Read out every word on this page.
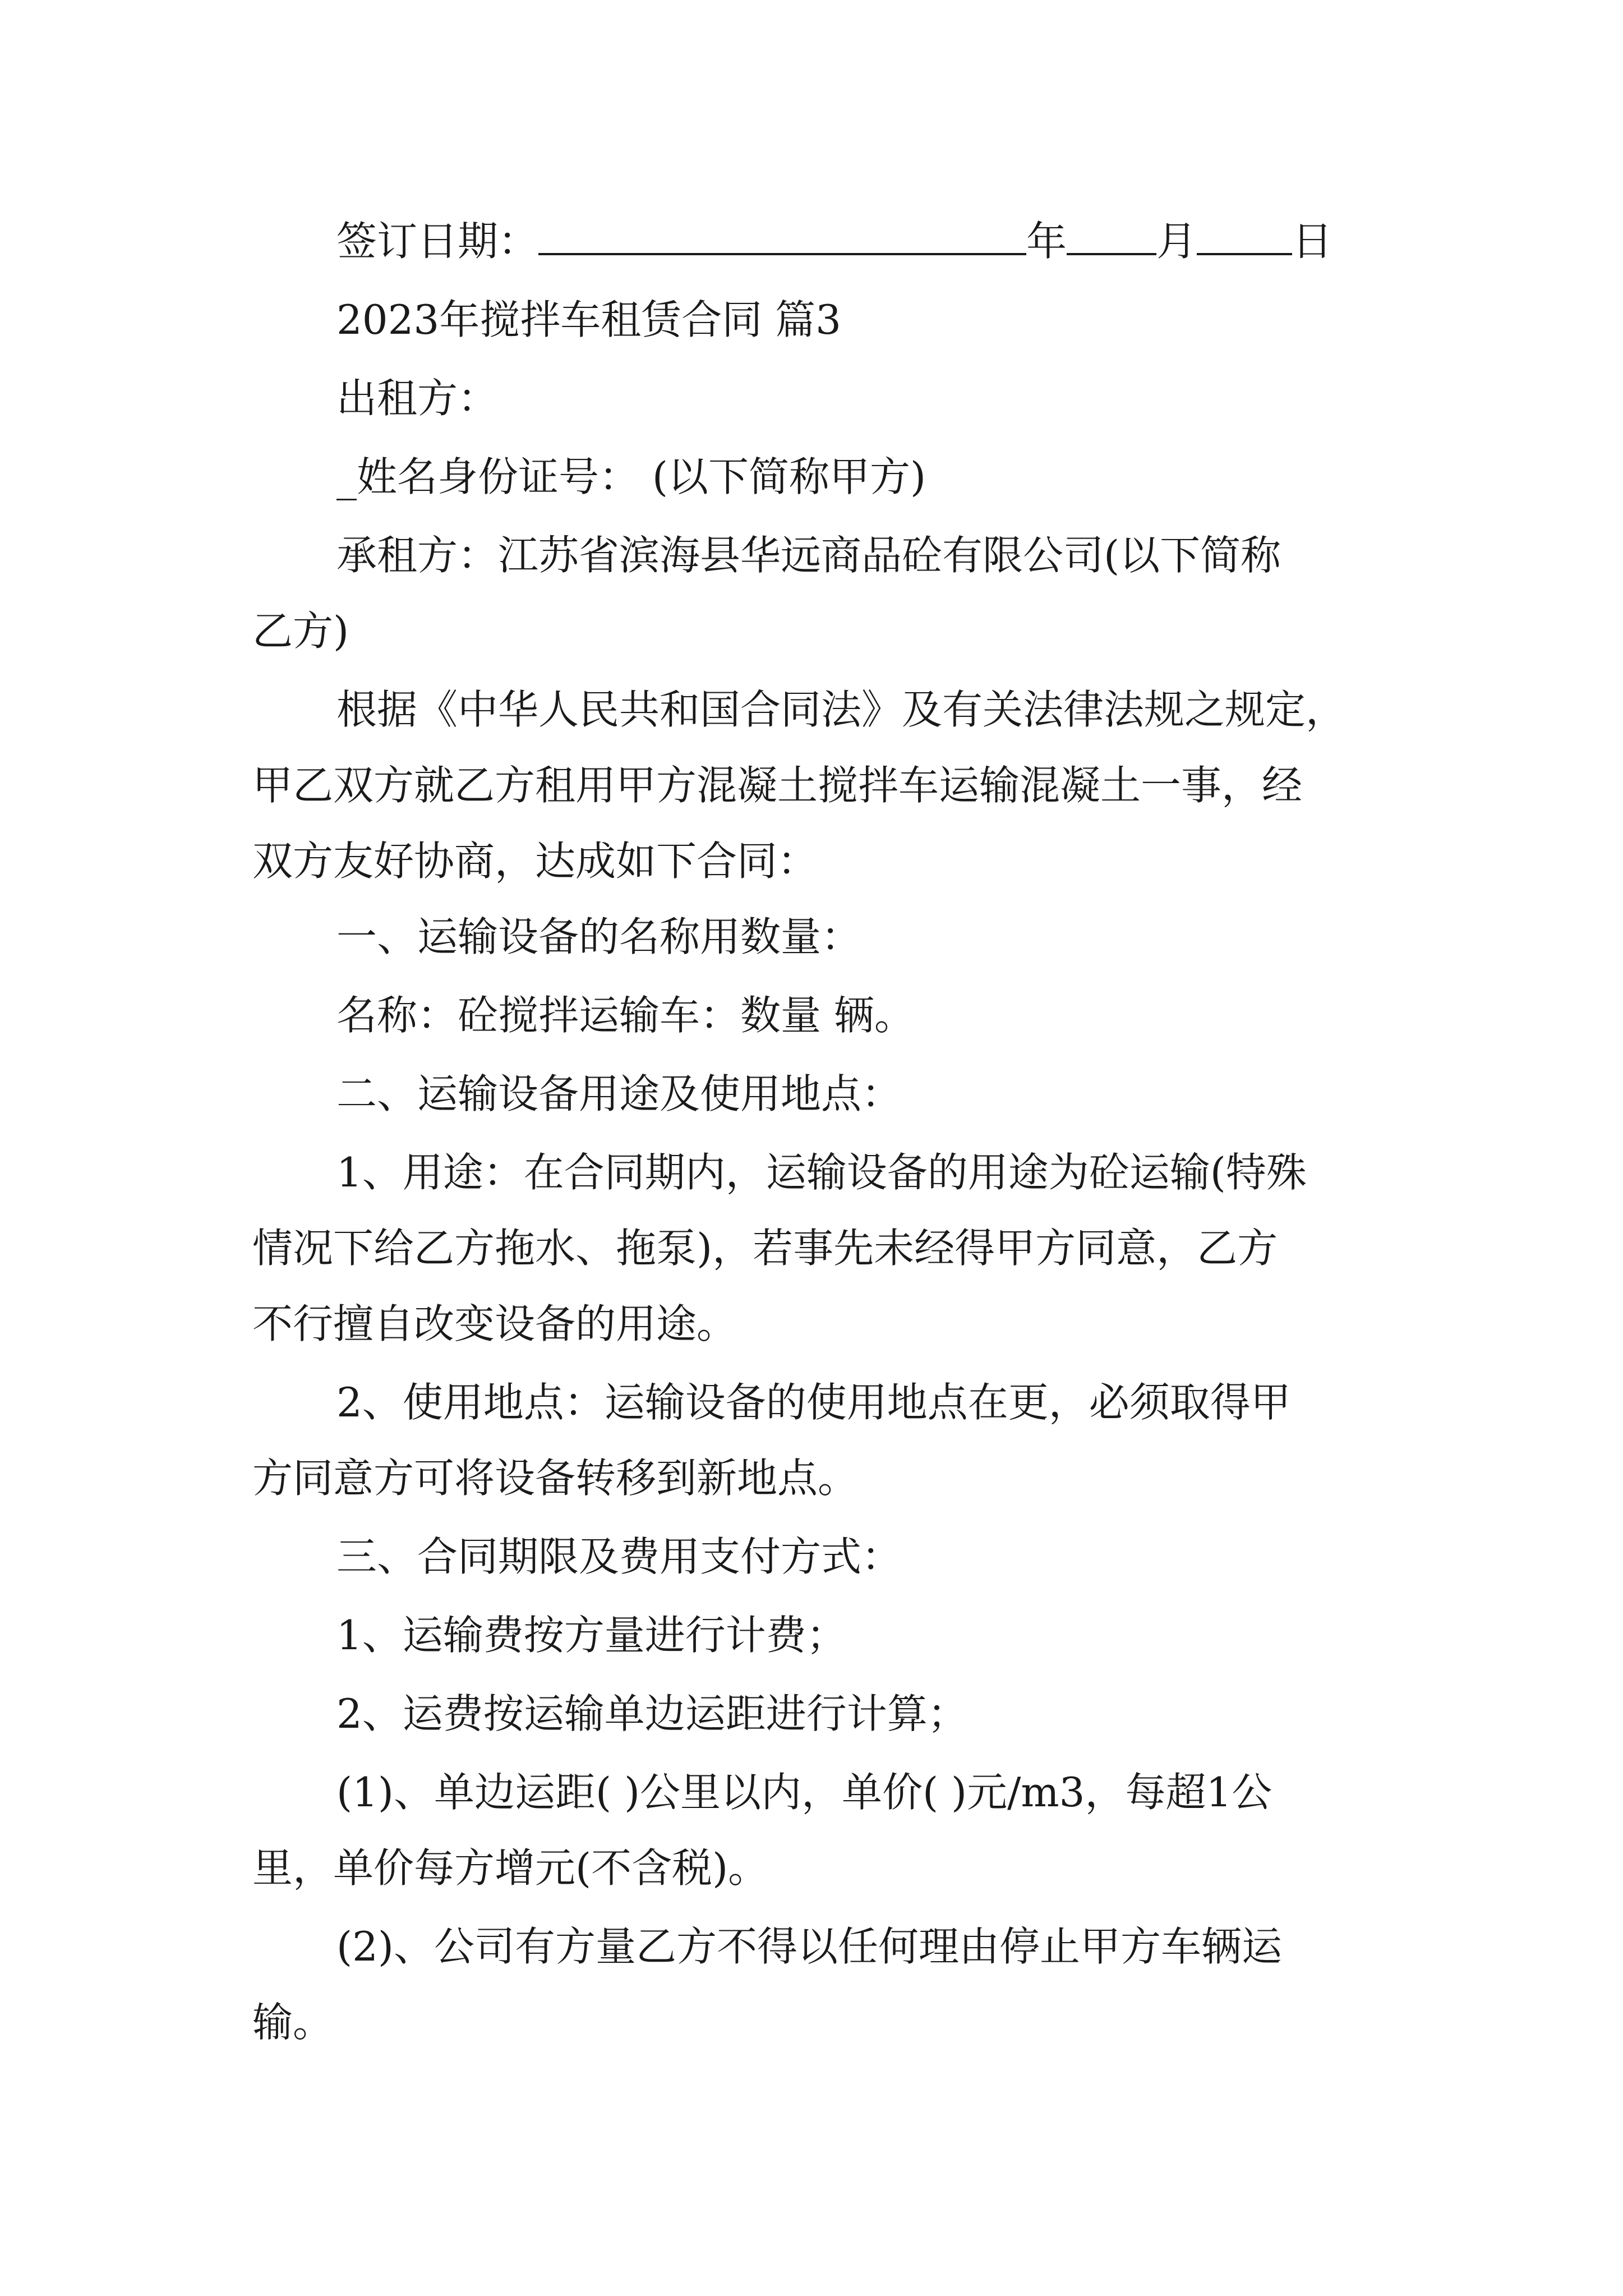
签订日期：	年 月 日
2023年搅拌车租赁合同 篇3
出租方：
_姓名身份证号： (以下简称甲方)
承租方：江苏省滨海县华远商品砼有限公司(以下简称
乙方)
根据《中华人民共和国合同法》及有关法律法规之规定，
甲乙双方就乙方租用甲方混凝土搅拌车运输混凝土一事，经
双方友好协商，达成如下合同：
一、运输设备的名称用数量：
名称：砼搅拌运输车：数量 辆。
二、运输设备用途及使用地点：
1、用途：在合同期内，运输设备的用途为砼运输(特殊
情况下给乙方拖水、拖泵)，若事先未经得甲方同意，乙方
不行擅自改变设备的用途。
2、使用地点：运输设备的使用地点在更，必须取得甲
方同意方可将设备转移到新地点。
三、合同期限及费用支付方式：
1、运输费按方量进行计费；
2、运费按运输单边运距进行计算；
(1)、单边运距( )公里以内，单价( )元/m3，每超1公
里，单价每方增元(不含税)。
(2)、公司有方量乙方不得以任何理由停止甲方车辆运
输。
